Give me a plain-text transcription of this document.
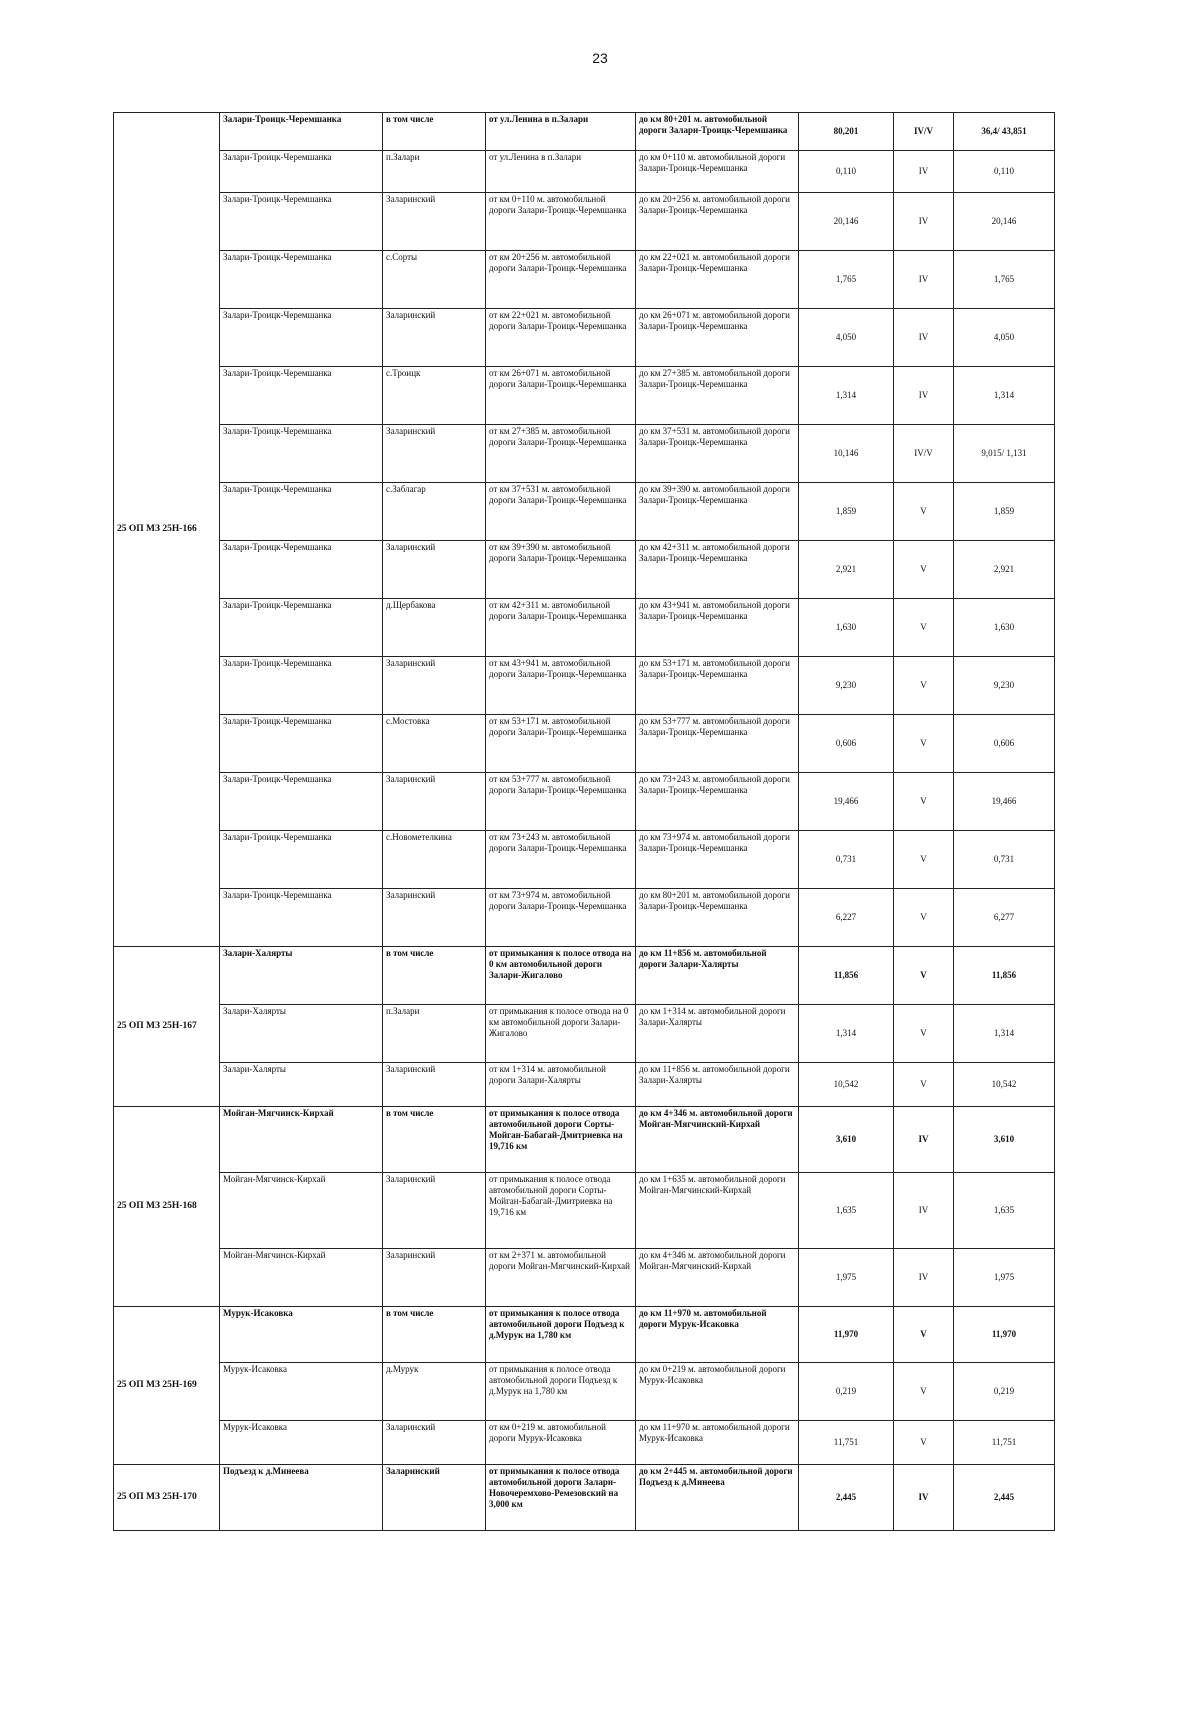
23
25 ОП МЗ 25Н-166	Залари-Троицк-Черемшанка	в том числе	от ул.Ленина в п.Залари	до км 80+201 м. автомобильной дороги Залари-Троицк-Черемшанка	80,201	IV/V	36,4/ 43,851
	Залари-Троицк-Черемшанка	п.Залари	от ул.Ленина в п.Залари	до км 0+110 м. автомобильной дороги Залари-Троицк-Черемшанка	0,110	IV	0,110
	Залари-Троицк-Черемшанка	Заларинский	от км 0+110 м. автомобильной дороги Залари-Троицк-Черемшанка	до км 20+256 м. автомобильной дороги Залари-Троицк-Черемшанка	20,146	IV	20,146
	Залари-Троицк-Черемшанка	с.Сорты	от км 20+256 м. автомобильной дороги Залари-Троицк-Черемшанка	до км 22+021 м. автомобильной дороги Залари-Троицк-Черемшанка	1,765	IV	1,765
	Залари-Троицк-Черемшанка	Заларинский	от км 22+021 м. автомобильной дороги Залари-Троицк-Черемшанка	до км 26+071 м. автомобильной дороги Залари-Троицк-Черемшанка	4,050	IV	4,050
	Залари-Троицк-Черемшанка	с.Троицк	от км 26+071 м. автомобильной дороги Залари-Троицк-Черемшанка	до км 27+385 м. автомобильной дороги Залари-Троицк-Черемшанка	1,314	IV	1,314
	Залари-Троицк-Черемшанка	Заларинский	от км 27+385 м. автомобильной дороги Залари-Троицк-Черемшанка	до км 37+531 м. автомобильной дороги Залари-Троицк-Черемшанка	10,146	IV/V	9,015/ 1,131
	Залари-Троицк-Черемшанка	с.Заблагар	от км 37+531 м. автомобильной дороги Залари-Троицк-Черемшанка	до км 39+390 м. автомобильной дороги Залари-Троицк-Черемшанка	1,859	V	1,859
	Залари-Троицк-Черемшанка	Заларинский	от км 39+390 м. автомобильной дороги Залари-Троицк-Черемшанка	до км 42+311 м. автомобильной дороги Залари-Троицк-Черемшанка	2,921	V	2,921
	Залари-Троицк-Черемшанка	д.Щербакова	от км 42+311 м. автомобильной дороги Залари-Троицк-Черемшанка	до км 43+941 м. автомобильной дороги Залари-Троицк-Черемшанка	1,630	V	1,630
	Залари-Троицк-Черемшанка	Заларинский	от км 43+941 м. автомобильной дороги Залари-Троицк-Черемшанка	до км 53+171 м. автомобильной дороги Залари-Троицк-Черемшанка	9,230	V	9,230
	Залари-Троицк-Черемшанка	с.Мостовка	от км 53+171 м. автомобильной дороги Залари-Троицк-Черемшанка	до км 53+777 м. автомобильной дороги Залари-Троицк-Черемшанка	0,606	V	0,606
	Залари-Троицк-Черемшанка	Заларинский	от км 53+777 м. автомобильной дороги Залари-Троицк-Черемшанка	до км 73+243 м. автомобильной дороги Залари-Троицк-Черемшанка	19,466	V	19,466
	Залари-Троицк-Черемшанка	с.Новометелкина	от км 73+243 м. автомобильной дороги Залари-Троицк-Черемшанка	до км 73+974 м. автомобильной дороги Залари-Троицк-Черемшанка	0,731	V	0,731
	Залари-Троицк-Черемшанка	Заларинский	от км 73+974 м. автомобильной дороги Залари-Троицк-Черемшанка	до км 80+201 м. автомобильной дороги Залари-Троицк-Черемшанка	6,227	V	6,277
25 ОП МЗ 25Н-167	Залари-Халярты	в том числе	от примыкания к полосе отвода на 0 км автомобильной дороги Залари-Жигалово	до км 11+856 м. автомобильной дороги Залари-Халярты	11,856	V	11,856
	Залари-Халярты	п.Залари	от примыкания к полосе отвода на 0 км автомобильной дороги Залари-Жигалово	до км 1+314 м. автомобильной дороги Залари-Халярты	1,314	V	1,314
	Залари-Халярты	Заларинский	от км 1+314 м. автомобильной дороги Залари-Халярты	до км 11+856 м. автомобильной дороги Залари-Халярты	10,542	V	10,542
25 ОП МЗ 25Н-168	Мойган-Мягчинск-Кирхай	в том числе	от примыкания к полосе отвода автомобильной дороги Сорты-Мойган-Бабагай-Дмитриевка на 19,716 км	до км 4+346 м. автомобильной дороги Мойган-Мягчинский-Кирхай	3,610	IV	3,610
	Мойган-Мягчинск-Кирхай	Заларинский	от примыкания к полосе отвода автомобильной дороги Сорты-Мойган-Бабагай-Дмитриевка на 19,716 км	до км 1+635 м. автомобильной дороги Мойган-Мягчинский-Кирхай	1,635	IV	1,635
	Мойган-Мягчинск-Кирхай	Заларинский	от км 2+371 м. автомобильной дороги Мойган-Мягчинский-Кирхай	до км 4+346 м. автомобильной дороги Мойган-Мягчинский-Кирхай	1,975	IV	1,975
25 ОП МЗ 25Н-169	Мурук-Исаковка	в том числе	от примыкания к полосе отвода автомобильной дороги Подъезд к д.Мурук на 1,780 км	до км 11+970 м. автомобильной дороги Мурук-Исаковка	11,970	V	11,970
	Мурук-Исаковка	д.Мурук	от примыкания к полосе отвода автомобильной дороги Подъезд к д.Мурук на 1,780 км	до км 0+219 м. автомобильной дороги Мурук-Исаковка	0,219	V	0,219
	Мурук-Исаковка	Заларинский	от км 0+219 м. автомобильной дороги Мурук-Исаковка	до км 11+970 м. автомобильной дороги Мурук-Исаковка	11,751	V	11,751
25 ОП МЗ 25Н-170	Подъезд к д.Минеева	Заларинский	от примыкания к полосе отвода автомобильной дороги Залари-Новочеремхово-Ремезовский на 3,000 км	до км 2+445 м. автомобильной дороги Подъезд к д.Минеева	2,445	IV	2,445
